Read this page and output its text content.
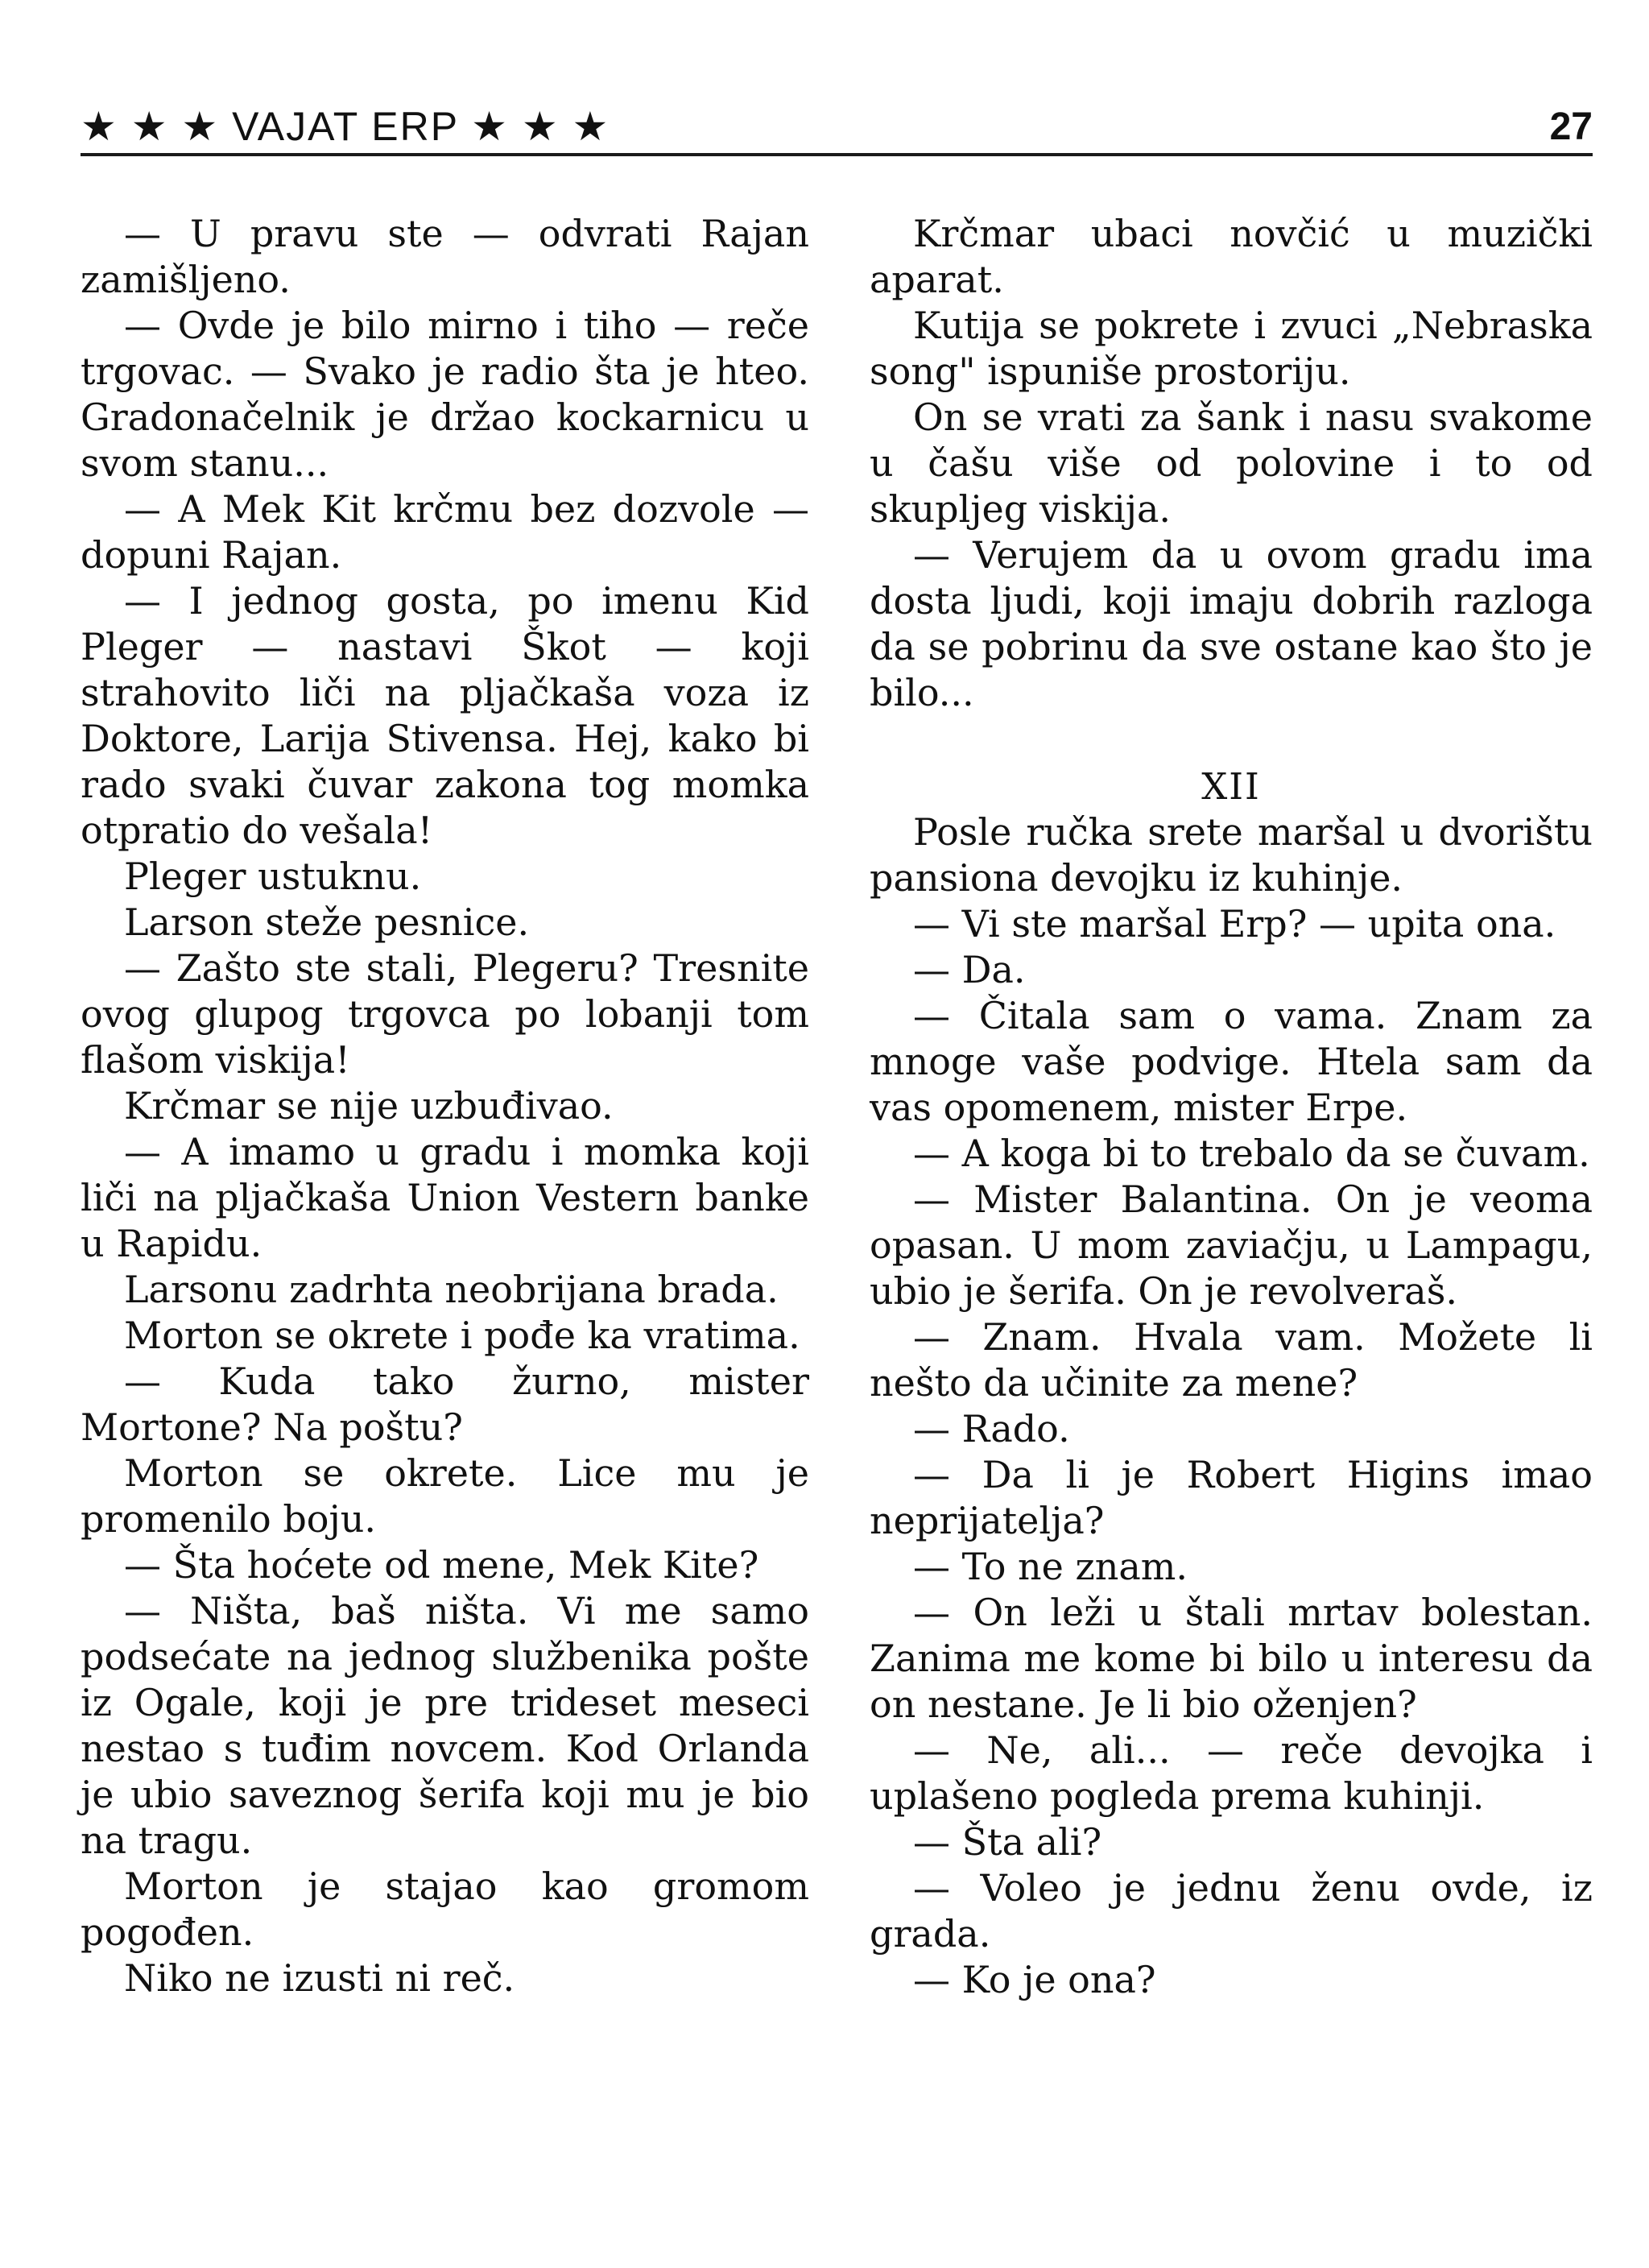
★ ★ ★ VAJAT ERP ★ ★ ★	27

— U pravu ste — odvrati Rajan zamišljeno.

— Ovde je bilo mirno i tiho — reče trgovac. — Svako je radio šta je hteo. Gradonačelnik je držao kockarnicu u svom stanu...

— A Mek Kit krčmu bez dozvole — dopuni Rajan.

— I jednog gosta, po imenu Kid Pleger — nastavi Škot — koji strahovito liči na pljačkaša voza iz Doktore, Larija Stivensa. Hej, kako bi rado svaki čuvar zakona tog momka otpratio do vešala!

Pleger ustuknu.

Larson steže pesnice.

— Zašto ste stali, Plegeru? Tresnite ovog glupog trgovca po lobanji tom flašom viskija!

Krčmar se nije uzbuđivao.

— A imamo u gradu i momka koji liči na pljačkaša Union Vestern banke u Rapidu.

Larsonu zadrhta neobrijana brada.

Morton se okrete i pođe ka vratima.

— Kuda tako žurno, mister Mortone? Na poštu?

Morton se okrete. Lice mu je promenilo boju.

— Šta hoćete od mene, Mek Kite?

— Ništa, baš ništa. Vi me samo podsećate na jednog službenika pošte iz Ogale, koji je pre trideset meseci nestao s tuđim novcem. Kod Orlanda je ubio saveznog šerifa koji mu je bio na tragu.

Morton je stajao kao gromom pogođen.

Niko ne izusti ni reč.

Krčmar ubaci novčić u muzički aparat.

Kutija se pokrete i zvuci „Nebraska song" ispuniše prostoriju.

On se vrati za šank i nasu svakome u čašu više od polovine i to od skupljeg viskija.

— Verujem da u ovom gradu ima dosta ljudi, koji imaju dobrih razloga da se pobrinu da sve ostane kao što je bilo...

XII

Posle ručka srete maršal u dvorištu pansiona devojku iz kuhinje.

— Vi ste maršal Erp? — upita ona.

— Da.

— Čitala sam o vama. Znam za mnoge vaše podvige. Htela sam da vas opomenem, mister Erpe.

— A koga bi to trebalo da se čuvam.

— Mister Balantina. On je veoma opasan. U mom zaviačju, u Lampagu, ubio je šerifa. On je revolveraš.

— Znam. Hvala vam. Možete li nešto da učinite za mene?

— Rado.

— Da li je Robert Higins imao neprijatelja?

— To ne znam.

— On leži u štali mrtav bolestan. Zanima me kome bi bilo u interesu da on nestane. Je li bio oženjen?

— Ne, ali... — reče devojka i uplašeno pogleda prema kuhinji.

— Šta ali?

— Voleo je jednu ženu ovde, iz grada.

— Ko je ona?
